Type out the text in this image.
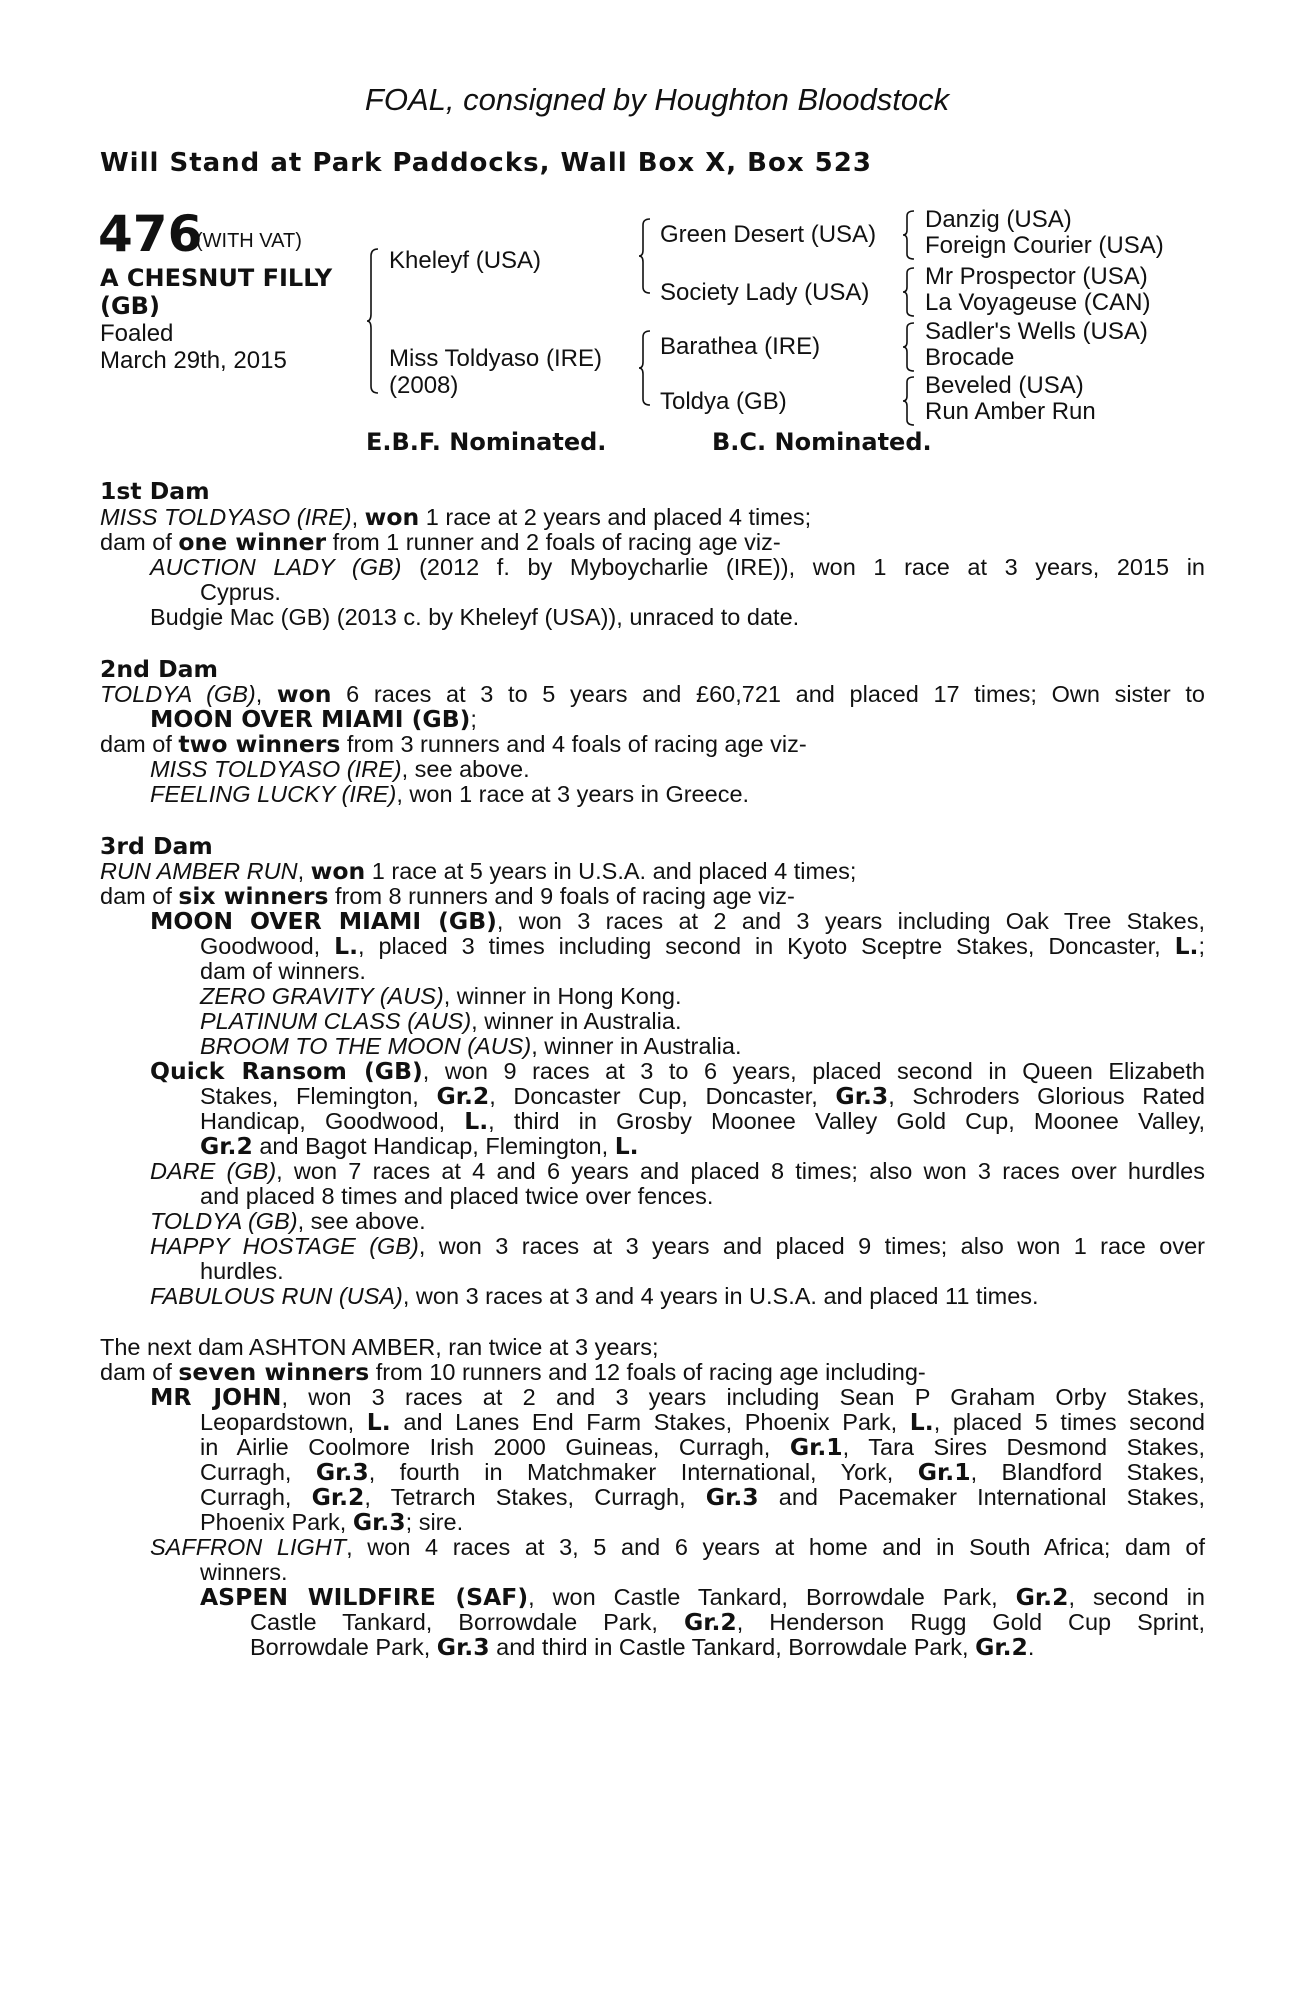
FOAL, consigned by Houghton Bloodstock
Will Stand at Park Paddocks, Wall Box X, Box 523
476
(WITH VAT)
A CHESNUT FILLY
(GB)
Foaled
March 29th, 2015
Kheleyf (USA)
Miss Toldyaso (IRE)
(2008)
Green Desert (USA)
Society Lady (USA)
Barathea (IRE)
Toldya (GB)
Danzig (USA)
Foreign Courier (USA)
Mr Prospector (USA)
La Voyageuse (CAN)
Sadler's Wells (USA)
Brocade
Beveled (USA)
Run Amber Run
E.B.F. Nominated.	B.C. Nominated.
1st Dam
MISS TOLDYASO (IRE), won 1 race at 2 years and placed 4 times;
dam of one winner from 1 runner and 2 foals of racing age viz-
AUCTION LADY (GB) (2012 f. by Myboycharlie (IRE)), won 1 race at 3 years, 2015 in
Cyprus.
Budgie Mac (GB) (2013 c. by Kheleyf (USA)), unraced to date.
2nd Dam
TOLDYA (GB), won 6 races at 3 to 5 years and £60,721 and placed 17 times; Own sister to
MOON OVER MIAMI (GB);
dam of two winners from 3 runners and 4 foals of racing age viz-
MISS TOLDYASO (IRE), see above.
FEELING LUCKY (IRE), won 1 race at 3 years in Greece.
3rd Dam
RUN AMBER RUN, won 1 race at 5 years in U.S.A. and placed 4 times;
dam of six winners from 8 runners and 9 foals of racing age viz-
MOON OVER MIAMI (GB), won 3 races at 2 and 3 years including Oak Tree Stakes,
Goodwood, L., placed 3 times including second in Kyoto Sceptre Stakes, Doncaster, L.;
dam of winners.
ZERO GRAVITY (AUS), winner in Hong Kong.
PLATINUM CLASS (AUS), winner in Australia.
BROOM TO THE MOON (AUS), winner in Australia.
Quick Ransom (GB), won 9 races at 3 to 6 years, placed second in Queen Elizabeth
Stakes, Flemington, Gr.2, Doncaster Cup, Doncaster, Gr.3, Schroders Glorious Rated
Handicap, Goodwood, L., third in Grosby Moonee Valley Gold Cup, Moonee Valley,
Gr.2 and Bagot Handicap, Flemington, L.
DARE (GB), won 7 races at 4 and 6 years and placed 8 times; also won 3 races over hurdles
and placed 8 times and placed twice over fences.
TOLDYA (GB), see above.
HAPPY HOSTAGE (GB), won 3 races at 3 years and placed 9 times; also won 1 race over
hurdles.
FABULOUS RUN (USA), won 3 races at 3 and 4 years in U.S.A. and placed 11 times.
The next dam ASHTON AMBER, ran twice at 3 years;
dam of seven winners from 10 runners and 12 foals of racing age including-
MR JOHN, won 3 races at 2 and 3 years including Sean P Graham Orby Stakes,
Leopardstown, L. and Lanes End Farm Stakes, Phoenix Park, L., placed 5 times second
in Airlie Coolmore Irish 2000 Guineas, Curragh, Gr.1, Tara Sires Desmond Stakes,
Curragh, Gr.3, fourth in Matchmaker International, York, Gr.1, Blandford Stakes,
Curragh, Gr.2, Tetrarch Stakes, Curragh, Gr.3 and Pacemaker International Stakes,
Phoenix Park, Gr.3; sire.
SAFFRON LIGHT, won 4 races at 3, 5 and 6 years at home and in South Africa; dam of
winners.
ASPEN WILDFIRE (SAF), won Castle Tankard, Borrowdale Park, Gr.2, second in
Castle Tankard, Borrowdale Park, Gr.2, Henderson Rugg Gold Cup Sprint,
Borrowdale Park, Gr.3 and third in Castle Tankard, Borrowdale Park, Gr.2.
